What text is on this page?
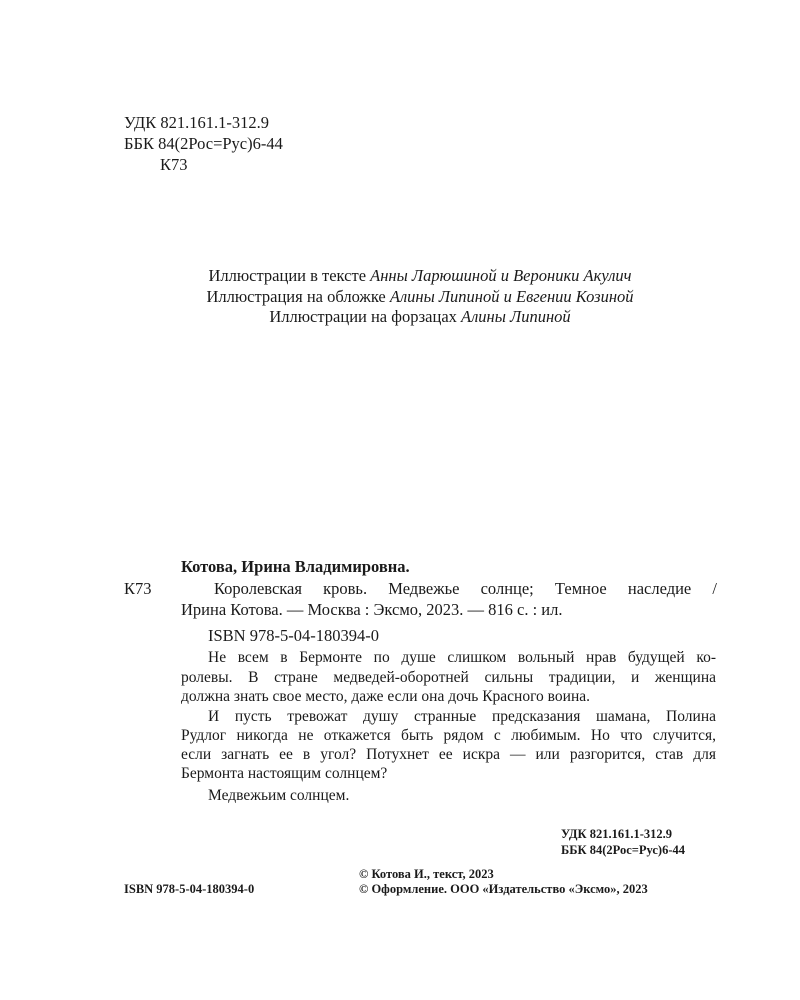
УДК 821.161.1-312.9
ББК 84(2Рос=Рус)6-44
К73
Иллюстрации в тексте Анны Ларюшиной и Вероники Акулич
Иллюстрация на обложке Алины Липиной и Евгении Козиной
Иллюстрации на форзацах Алины Липиной
Котова, Ирина Владимировна.
К73	Королевская кровь. Медвежье солнце; Темное наследие /
Ирина Котова. — Москва : Эксмо, 2023. — 816 с. : ил.
ISBN 978-5-04-180394-0
Не всем в Бермонте по душе слишком вольный нрав будущей ко-
ролевы. В стране медведей-оборотней сильны традиции, и женщина
должна знать свое место, даже если она дочь Красного воина.
И пусть тревожат душу странные предсказания шамана, Полина
Рудлог никогда не откажется быть рядом с любимым. Но что случится,
если загнать ее в угол? Потухнет ее искра — или разгорится, став для
Бермонта настоящим солнцем?
Медвежьим солнцем.
УДК 821.161.1-312.9
ББК 84(2Рос=Рус)6-44
ISBN 978-5-04-180394-0
© Котова И., текст, 2023
© Оформление. ООО «Издательство «Эксмо», 2023
